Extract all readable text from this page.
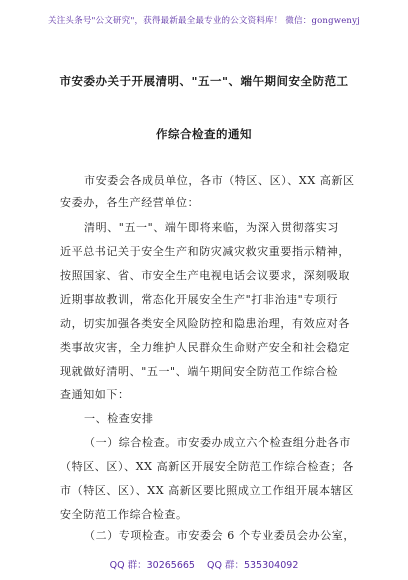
关注头条号"公文研究"，获得最新最全最专业的公文资料库！ 微信：gongwenyj
市安委办关于开展清明、"五一"、端午期间安全防范工
作综合检查的通知
市安委会各成员单位，各市（特区、区）、XX 高新区
安委办，各生产经营单位：
清明、"五一"、端午即将来临，为深入贯彻落实习
近平总书记关于安全生产和防灾减灾救灾重要指示精神，
按照国家、省、市安全生产电视电话会议要求，深刻吸取
近期事故教训，常态化开展安全生产"打非治违"专项行
动，切实加强各类安全风险防控和隐患治理，有效应对各
类事故灾害，全力维护人民群众生命财产安全和社会稳定
现就做好清明、"五一"、端午期间安全防范工作综合检
查通知如下：
一、检查安排
（一）综合检查。市安委办成立六个检查组分赴各市
（特区、区）、XX 高新区开展安全防范工作综合检查；各
市（特区、区）、XX 高新区要比照成立工作组开展本辖区
安全防范工作综合检查。
（二）专项检查。市安委会 6 个专业委员会办公室，
QQ 群：30265665 QQ 群：535304092
